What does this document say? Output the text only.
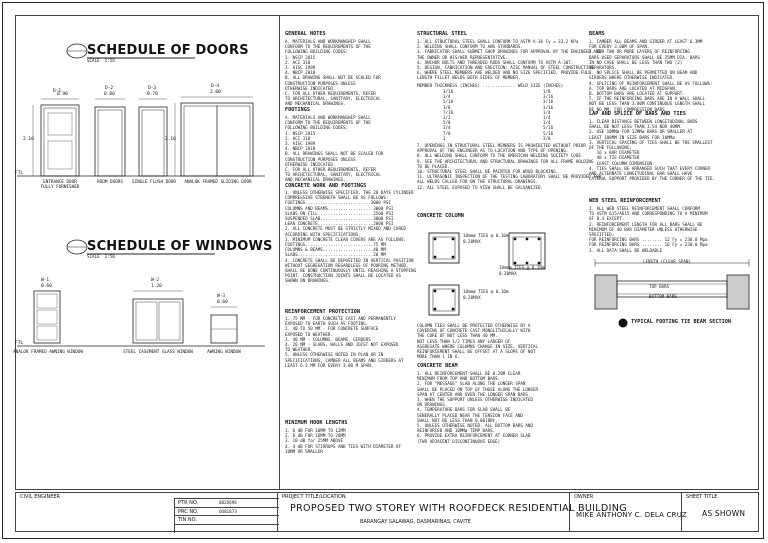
SCHEDULE OF DOORS
SCALE  1:50
0.90	0.80	0.70	2.00
2.10	2.10
D-1
D-2	D-3	D-4
FTL
ENTRANCE DOOR
FULLY FURNISHED
ROOM DOORS	SINGLE FLUSH DOOR	ANALOK FRAMED SLIDING DOOR
SCHEDULE OF WINDOWS
SCALE  1:50
0.60	1.20
0.60
W-1	W-2
W-3
FTL
ANALOK FRAMED AWNING WINDOW	STEEL CASEMENT GLASS WINDOW	AWNING WINDOW
GENERAL NOTES
A. MATERIALS AND WORKMANSHIP SHALL
CONFORM TO THE REQUIREMENTS OF THE
FOLLOWING BUILDING CODES:
1. NSCP 2015
2. ACI 318
3. AISC 1989
4. NBCP 2010
B. ALL DRAWING SHALL NOT BE SCALED FOR
CONSTRUCTION PURPOSES UNLESS
OTHERWISE INDICATED.
C. FOR ALL OTHER REQUIREMENTS, REFER
TO ARCHITECTURAL, SANITARY, ELECTRICAL
AND MECHANICAL DRAWINGS.
FOOTINGS
A. MATERIALS AND WORKMANSHIP SHALL
CONFORM TO THE REQUIREMENTS OF THE
FOLLOWING BUILDING CODES:
1. NSCP 2015
2. ACI 318
3. AISC 1989
4. NBCP 2010
B. ALL DRAWINGS SHALL NOT BE SCALED FOR
CONSTRUCTION PURPOSES UNLESS
OTHERWISE INDICATED.
C. FOR ALL OTHER REQUIREMENTS, REFER
TO ARCHITECTURAL, SANITARY, ELECTRICAL
AND MECHANICAL DRAWINGS.
CONCRETE WORK AND FOOTINGS
1. UNLESS OTHERWISE SPECIFIED, THE 28 DAYS CYLINDER
COMPRESSIVE STRENGTH SHALL BE AS FOLLOWS:
FOOTINGS..........................3000 PSI
COLUMNS AND BEAMS..................3000 PSI
SLABS ON FILL......................2500 PSI
SUSPENDED SLAB.....................3000 PSI
LEAN CONCRETE......................2000 PSI
2. ALL CONCRETE MUST BE STRICTLY MIXED AND CURED
ACCORDING WITH SPECIFICATIONS.
3. MINIMUM CONCRETE CLEAR COVERS ARE AS FOLLOWS:
FOOTINGS...........................75 MM
COLUMNS & BEAMS....................40 MM
SLABS..............................20 MM
4. CONCRETE SHALL BE DEPOSITED IN VERTICAL POSITION
WITHOUT SEGREGATION REGARDLESS OF POURING METHOD.
SHALL BE DONE CONTINUOUSLY UNTIL REACHING A STOPPING
POINT. CONSTRUCTION JOINTS SHALL BE LOCATED AS
SHOWN ON DRAWINGS.
REINFORCEMENT PROTECTION
1. 75 MM - FOR CONCRETE CAST AND PERMANENTLY
EXPOSED TO EARTH SUCH AS FOOTING.
2. 40 TO 50 MM - FOR CONCRETE SURFACE
EXPOSED TO WEATHER.
3. 40 MM - COLUMNS, BEAMS, GIRDERS
4. 20 MM - SLABS, WALLS AND JOIST NOT EXPOSED
TO WEATHER.
5. UNLESS OTHERWISE NOTED IN PLAN OR IN
SPECIFICATIONS, CAMBER ALL BEAMS AND GIRDERS AT
LEAST 6.3 MM FOR EVERY 3.00 M SPAN.
MINIMUM HOOK LENGTHS
1. 6 dB FOR 10MM TO 12MM
2. 8 dB FOR 16MM TO 20MM
3. 10 dB for 25MM ABOVE
4. 4 dB FOR STIRRUPS AND TIES WITH DIAMETER OF
10MM OR SMALLER
STRUCTURAL STEEL
1. ALL STRUCTURAL STEEL SHALL CONFORM TO ASTM A-36 Fy = 33.2 KPa
2. WELDING SHALL CONFORM TO AWS STANDARDS.
3. FABRICATOR SHALL SUBMIT SHOP DRAWINGS FOR APPROVAL BY THE ENGINEER AND
THE OWNER OR HIS/HER REPRESENTATIVE.
4. ANCHOR BOLTS AND THREADED RODS SHALL CONFORM TO ASTM A-307.
5. DESIGN, FABRICATION AND ERECTION: AISC MANUAL OF STEEL CONSTRUCTION.
6. WHERE STEEL MEMBERS ARE WELDED AND NO SIZE SPECIFIED, PROVIDE FULL
LENGTH FILLET WELDS BOTH SIDES OF MEMBER.
MEMBER THICKNESS (INCHES) ............. WELD SIZE (INCHES)
3/16	1/8
1/4	3/16
5/16	3/16
3/8	3/16
7/16	1/4
1/2	1/4
5/8	1/4
3/4	5/16
7/8	5/16
1	3/8
7. OPENINGS IN STRUCTURAL STEEL MEMBERS IS PROHIBITED WITHOUT PRIOR
APPROVAL OF THE ENGINEER AS TO LOCATION AND TYPE OF OPENING.
8. ALL WELDING SHALL CONFORM TO THE AMERICAN WELDING SOCIETY CODE.
9. SEE THE ARCHITECTURAL AND STRUCTURAL DRAWINGS FOR ALL FRAME HOLDING
TO BE PLACED.
10. STRUCTURAL STEEL SHALL BE PAINTED FOR WOOD BLOCKING.
11. ULTRASONIC INSPECTION OF THE TESTING LABORATORY SHALL BE PROVIDED FOR
ALL WELDS CALLED FOR ON THE STRUCTURAL DRAWINGS.
12. ALL STEEL EXPOSED TO VIEW SHALL BE GALVANIZED.
CONCRETE COLUMN
10mmø TIES @ 0.10m
0.20MAX
10mmø TIES @ 0.10m
0.20MAX
10mmø TIES @ 0.10m
0.20MAX
COLUMN TIES SHALL BE PROTECTED OTHERWISE BY A
COVERING OF CONCRETE CAST MONOLITHICALLY WITH
THE CORE OF NOT LESS THAN 40 MM.
NOT LESS THAN 1/2 TIMES ANY LARGER OF
AGGREGATE WHERE COLUMNS CHANGE IN SIZE, VERTICAL
REINFORCEMENT SHALL BE OFFSET AT A SLOPE OF NOT
MORE THAN 1 IN 6.
CONCRETE BEAM
1. ALL REINFORCEMENT SHALL BE 0.20M CLEAR
MINIMUM FROM TOP AND BOTTOM BARS.
2. FOR "MESSAGE" SLAB ALONG THE LONGER SPAN
SHALL BE PLACED ON TOP OF THOSE ALONG THE LONGER
SPAN AT CENTER AND OVER THE LONGER SPAN BARS.
3. WHEN THE SUPPORT UNLESS OTHERWISE INDICATED
ON DRAWINGS.
4. TEMPERATURE BARS FOR SLAB SHALL BE
GENERALLY PLACED NEAR THE TENSION FACE AND
SHALL NOT BE LESS THAN 0.0018Bt.
5. UNLESS OTHERWISE NOTED, ALL BOTTOM BARS AND
REINFORCED AND 10MMø TEMP BARS.
6. PROVIDE EXTRA REINFORCEMENT AT CORNER SLAB
(TWO ADJACENT DISCONTINUOUS EDGE)
BEAMS
1. CAMBER ALL BEAMS AND GIRDER AT LEAST 6.3MM
FOR EVERY 3.00M OF SPAN.
2. FOR TWO OR MORE LAYERS OF REINFORCING
BARS USED SEPARATORS SHALL BE 25MM DIA. BARS
IN NO CASE SHALL BE LESS THAN TWO (2)
SEPARATORS.
3. NO SPLICE SHALL BE PERMITTED ON BEAM AND
GIRDERS WHERE OTHERWISE INDICATED.
4. SPLICING OF REINFORCEMENT SHALL BE AS FOLLOWS:
A. TOP BARS ARE LOCATED AT MIDSPAN.
B. BOTTOM BARS ARE LOCATED AT SUPPORT.
5. IF THE REINFORCING BARS ARE IN A WALL SHALL
NOT BE LESS THAN 3.00M CONTINUOUS LENGTH SHALL
BE NO MM, FOR COMPRESSION BARS.
LAP AND SPLICE OF BARS AND TIES
1. CLEAR DISTANCE BETWEEN LONGITUDINAL BARS
SHALL BE NOT LESS THAN 1.5d NOR 40MM.
2. USE 10MMø FOR 12MMø BARS OR SMALLER AT
LEAST 100MM IN SIZE BARS FOR 10MMø.
3. VERTICAL SPACING OF TIES SHALL BE THE SMALLEST
OF THE FOLLOWING:
16 x BAR DIAMETER
48 x TIE DIAMETER
LEAST COLUMN DIMENSION
4. TIES SHALL BE ARRANGED SUCH THAT EVERY CORNER
AND ALTERNATE LONGITUDINAL BAR SHALL HAVE
LATERAL SUPPORT PROVIDED BY THE CORNER OF THE TIE.
WEB STEEL REINFORCEMENT
1. ALL WEB STEEL REINFORCEMENT SHALL CONFORM
TO ASTM 615/A615 AND CORRESPONDING TO A MINIMUM
OF 0.4 EXCEPT.
2. REINFORCEMENT LENGTH FOR ALL BARS SHALL BE
MINIMUM OF 40 BAR DIAMETER UNLESS OTHERWISE
SPECIFIED.
FOR REINFORCING BARS ........ 12 Fy = 230.0 Mpa
FOR REINFORCING BARS ........ 16 Fy = 230.0 Mpa
3. ALL DATA SHALL BE WELDABLE
LENGTH (CLEAR SPAN)
TOP BARS
BOTTOM BARS
TYPICAL FOOTING TIE BEAM SECTION
CIVIL ENGINEER
PTR NO.	8820696
PRC NO.	0081873
TIN NO.
PROJECT TITLE/LOCATION
PROPOSED TWO STOREY WITH ROOFDECK RESIDENTIAL BUILDING
BARANGAY SALAWAG, DASMARIÑAS, CAVITE
OWNER
MIKE ANTHONY C. DELA CRUZ
SHEET TITLE
AS SHOWN
